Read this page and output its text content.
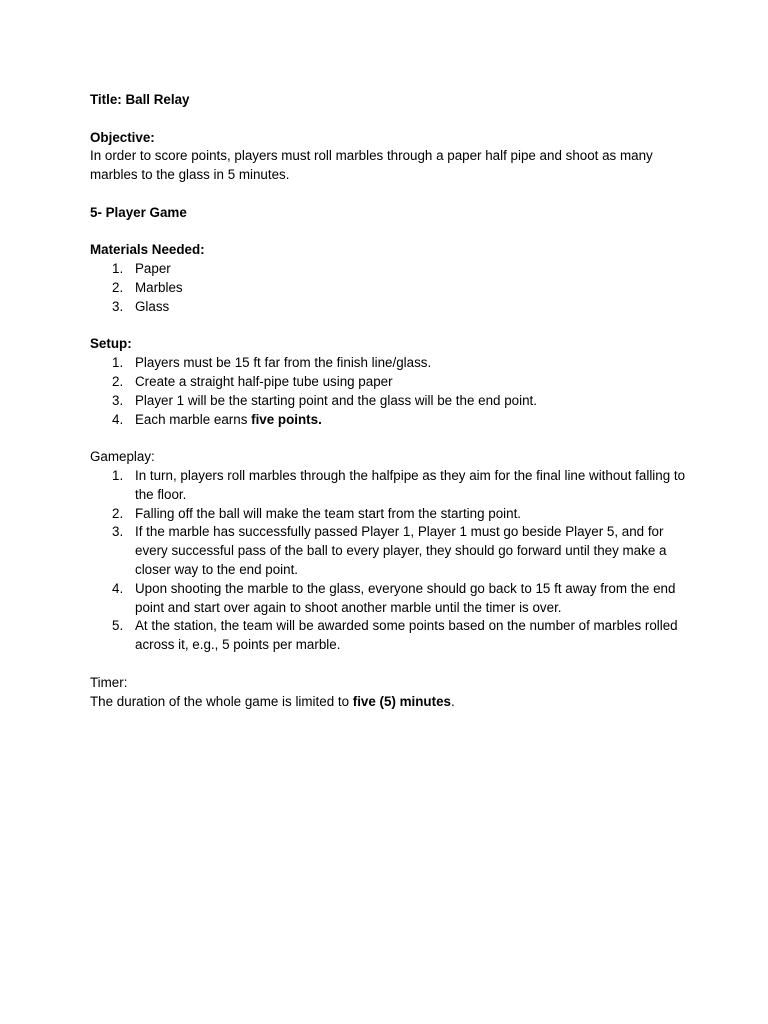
Title: Ball Relay

Objective:

In order to score points, players must roll marbles through a paper half pipe and shoot as many marbles to the glass in 5 minutes.

5- Player Game

Materials Needed:

1. Paper
2. Marbles
3. Glass

Setup:

1. Players must be 15 ft far from the finish line/glass.
2. Create a straight half-pipe tube using paper
3. Player 1 will be the starting point and the glass will be the end point.
4. Each marble earns five points.

Gameplay:

1. In turn, players roll marbles through the halfpipe as they aim for the final line without falling to the floor.
2. Falling off the ball will make the team start from the starting point.
3. If the marble has successfully passed Player 1, Player 1 must go beside Player 5, and for every successful pass of the ball to every player, they should go forward until they make a closer way to the end point.
4. Upon shooting the marble to the glass, everyone should go back to 15 ft away from the end point and start over again to shoot another marble until the timer is over.
5. At the station, the team will be awarded some points based on the number of marbles rolled across it, e.g., 5 points per marble.

Timer:

The duration of the whole game is limited to five (5) minutes.
